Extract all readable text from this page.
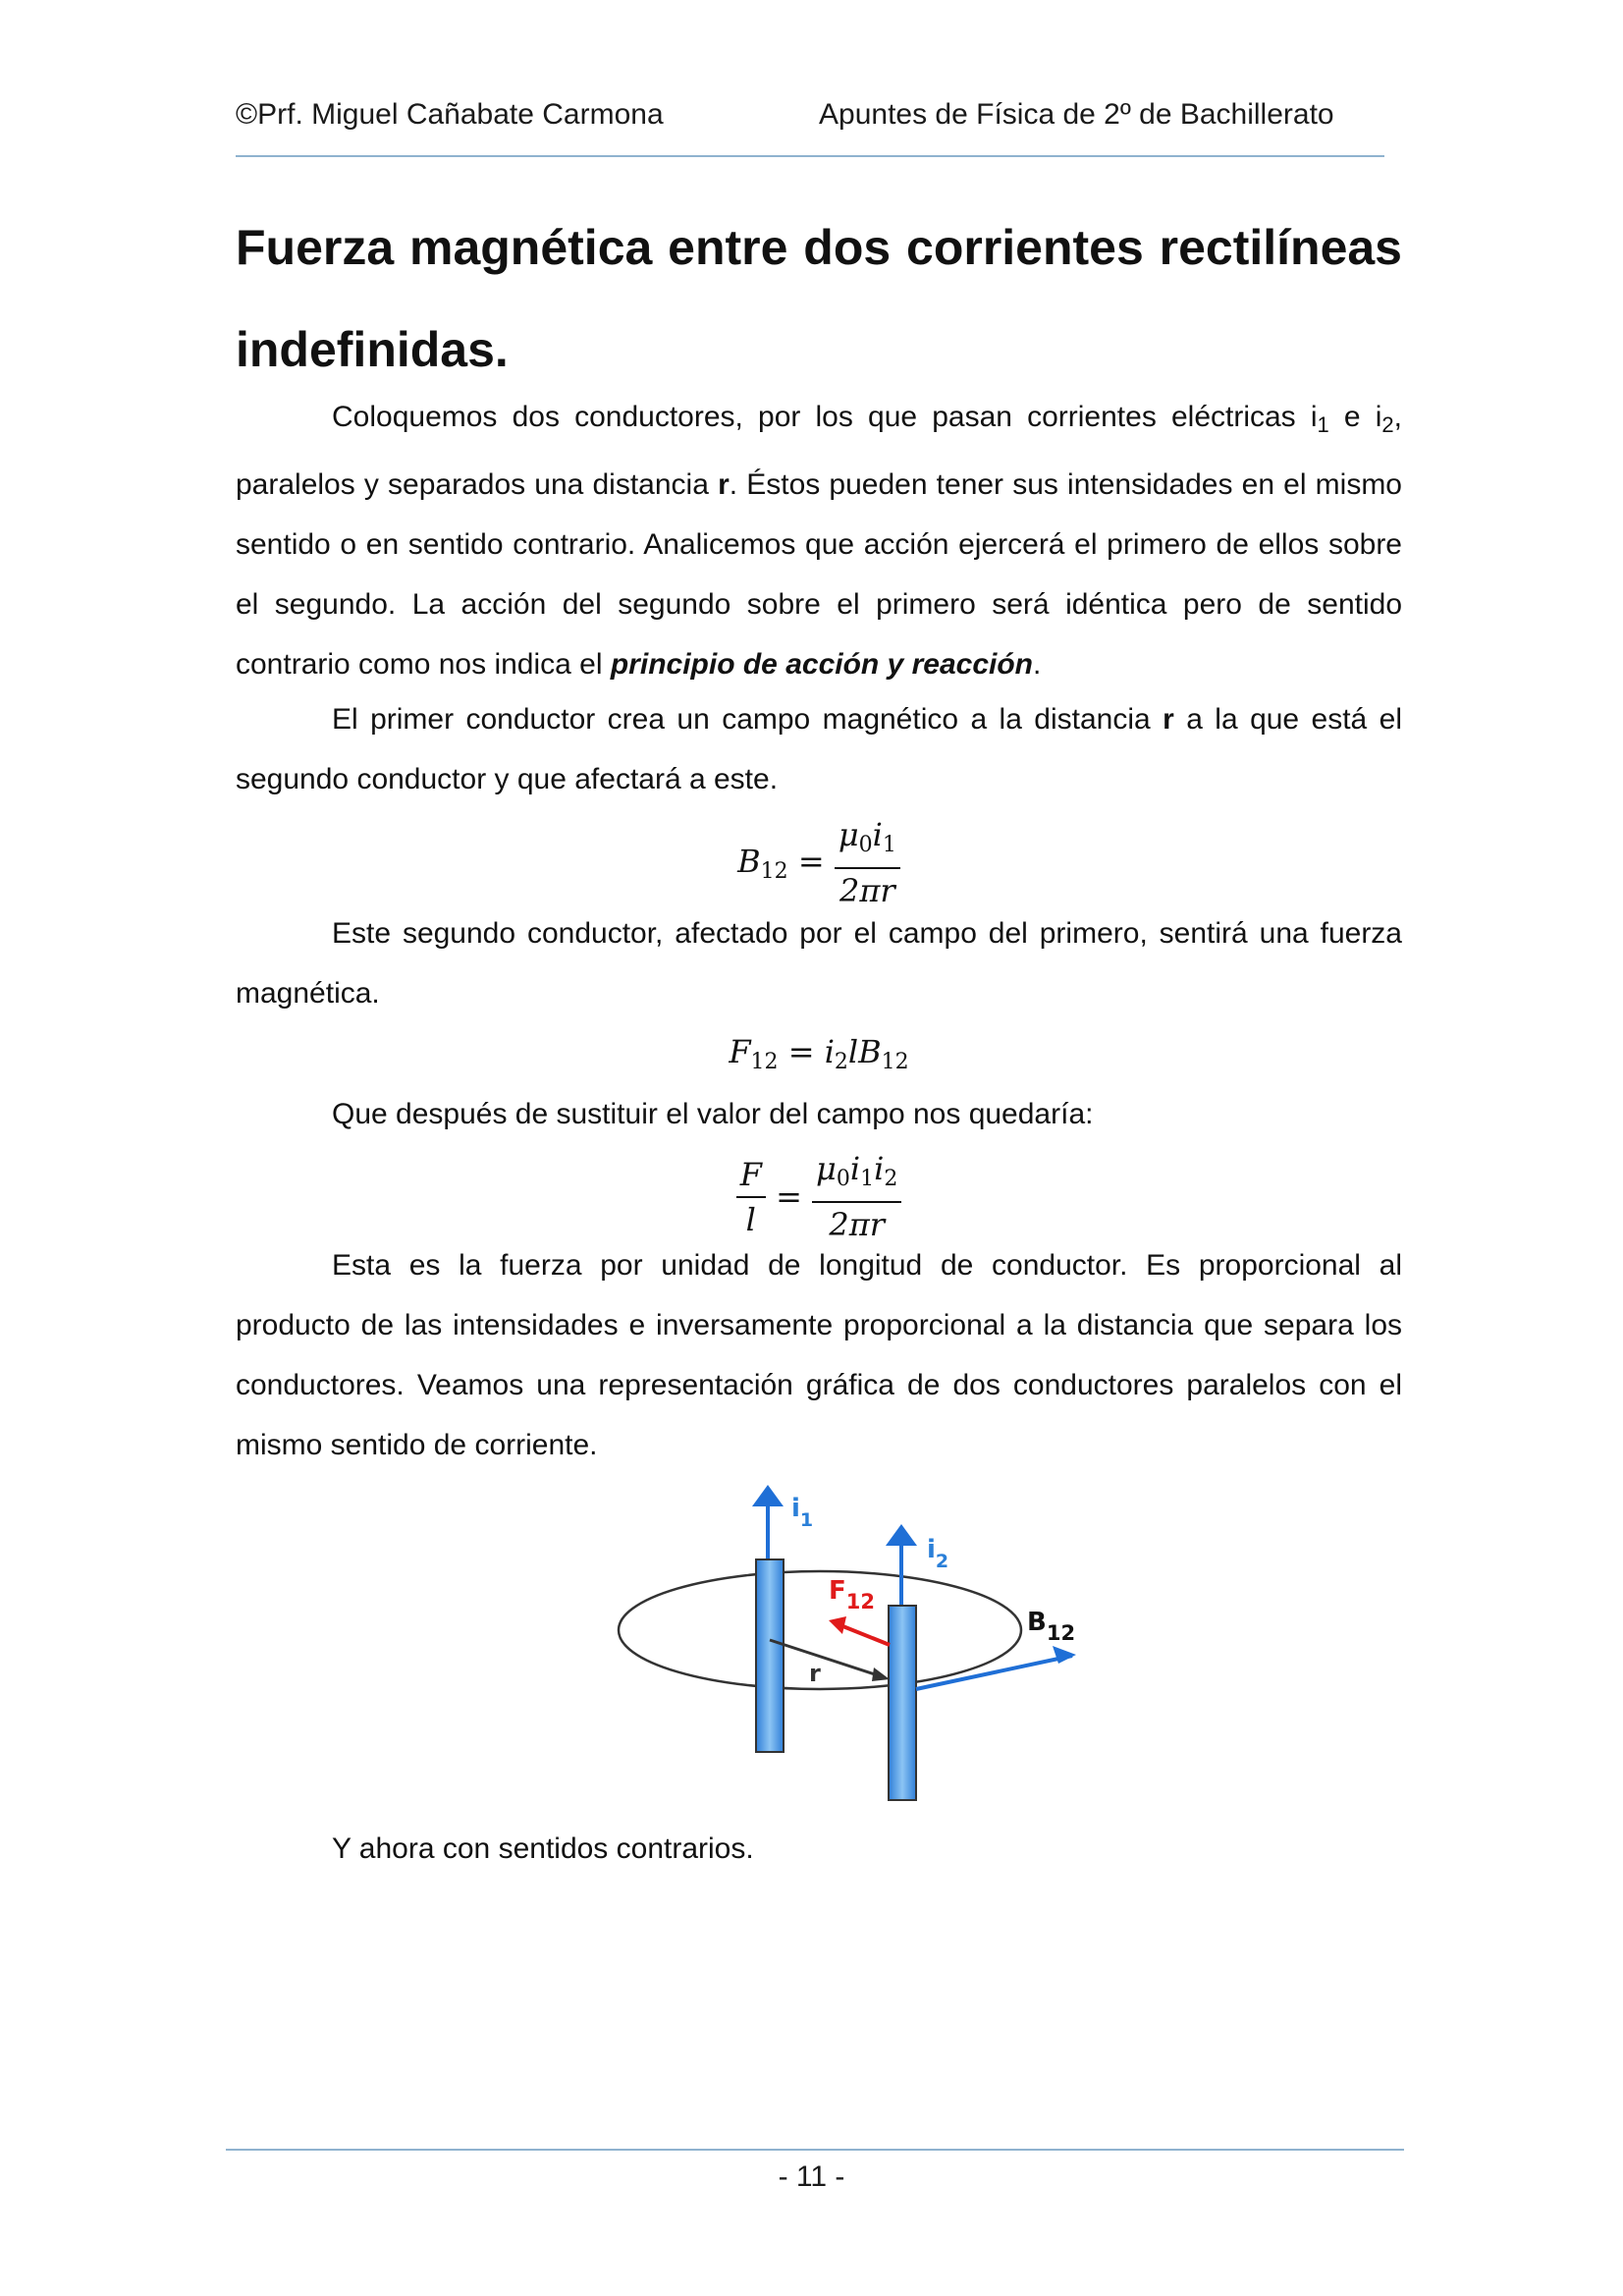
©Prf. Miguel Cañabate Carmona	Apuntes de Física de 2º de Bachillerato
Fuerza magnética entre dos corrientes rectilíneas indefinidas.

Coloquemos dos conductores, por los que pasan corrientes eléctricas $i_1$ e $i_2$, paralelos y separados una distancia r. Éstos pueden tener sus intensidades en el mismo sentido o en sentido contrario. Analicemos que acción ejercerá el primero de ellos sobre el segundo. La acción del segundo sobre el primero será idéntica pero de sentido contrario como nos indica el principio de acción y reacción.

El primer conductor crea un campo magnético a la distancia r a la que está el segundo conductor y que afectará a este.

$B_{12} = \frac{\mu_0i_1}{2\pi r}$

Este segundo conductor, afectado por el campo del primero, sentirá una fuerza magnética.

$F_{12} = i_2lB_{12}$

Que después de sustituir el valor del campo nos quedaría:

$\frac{F}{l} = \frac{\mu_0i_1i_2}{2\pi r}$

Esta es la fuerza por unidad de longitud de conductor. Es proporcional al producto de las intensidades e inversamente proporcional a la distancia que separa los conductores. Veamos una representación gráfica de dos conductores paralelos con el mismo sentido de corriente.

$i_1$
$i_2$
$F_{12}$
$B_{12}$
r

Y ahora con sentidos contrarios.

- 11 -
